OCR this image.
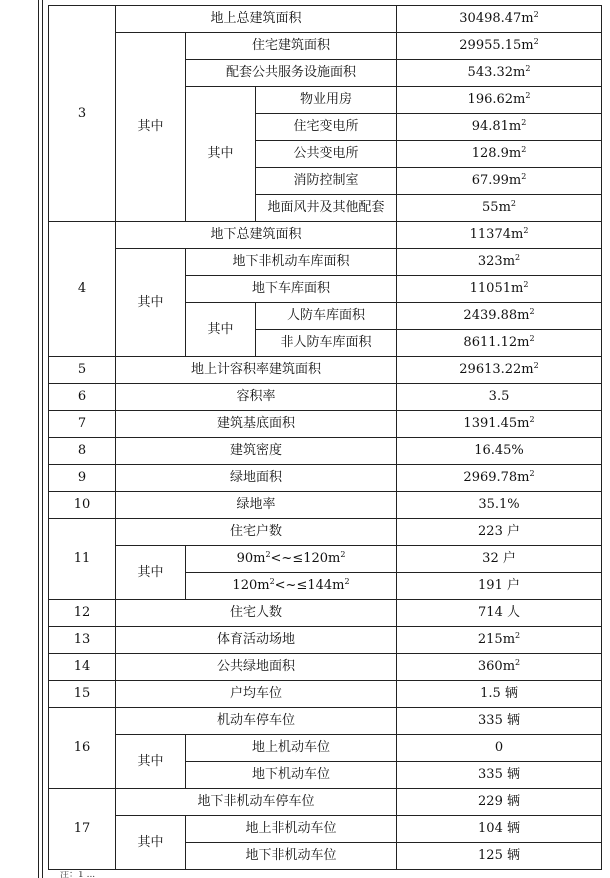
3	地上总建筑面积			$30498.47m^2$
	其中	住宅建筑面积		$29955.15m^2$
		配套公共服务设施面积		$543.32m^2$
		其中	物业用房	$196.62m^2$
			住宅变电所	$94.81m^2$
			公共变电所	$128.9m^2$
			消防控制室	$67.99m^2$
			地面风井及其他配套	$55m^2$
4	地下总建筑面积			$11374m^2$
	其中	地下非机动车库面积		$323m^2$
		地下车库面积		$11051m^2$
		其中	人防车库面积	$2439.88m^2$
			非人防车库面积	$8611.12m^2$
5	地上计容积率建筑面积			$29613.22m^2$
6	容积率			3.5
7	建筑基底面积			$1391.45m^2$
8	建筑密度			16.45%
9	绿地面积			$2969.78m^2$
10	绿地率			35.1%
11	住宅户数			223 户
	其中	$90m^2<\sim\le 120m^2$		32 户
		$120m^2<\sim\le 144m^2$		191 户
12	住宅人数			714 人
13	体育活动场地			$215m^2$
14	公共绿地面积			$360m^2$
15	户均车位			1.5 辆
16	机动车停车位			335 辆
	其中	地上机动车位		0
		地下机动车位		335 辆
17	地下非机动车停车位			229 辆
	其中	地上非机动车位		104 辆
		地下非机动车位		125 辆
注：1 ...
